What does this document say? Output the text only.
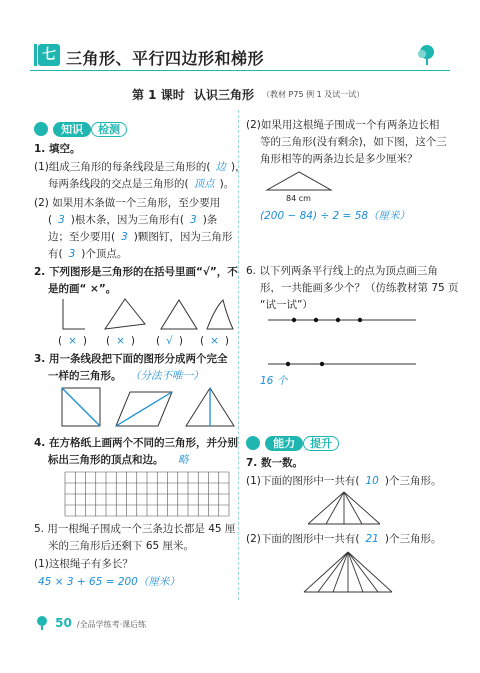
七 三角形、平行四边形和梯形
第 1 课时 认识三角形 （教材 P75 例 1 及试一试）
知识 检测
1. 填空。
(1)组成三角形的每条线段是三角形的( 边 )，
每两条线段的交点是三角形的( 顶点 )。
(2) 如果用木条做一个三角形，至少要用
( 3 )根木条，因为三角形有( 3 )条
边；至少要用( 3 )颗图钉，因为三角形
有( 3 )个顶点。
2. 下列图形是三角形的在括号里画“√”，不
是的画“ ×”。
( × ) ( × ) ( √ ) ( × )
3. 用一条线段把下面的图形分成两个完全
一样的三角形。 （分法不唯一）
4. 在方格纸上画两个不同的三角形，并分别
标出三角形的顶点和边。 略
5. 用一根绳子围成一个三条边长都是 45 厘
米的三角形后还剩下 65 厘米。
(1)这根绳子有多长？
45 × 3 + 65 = 200（厘米）
(2)如果用这根绳子围成一个有两条边长相
等的三角形(没有剩余)，如下图，这个三
角形相等的两条边长是多少厘米？
84 cm
(200 − 84) ÷ 2 = 58（厘米）
6. 以下列两条平行线上的点为顶点画三角
形，一共能画多少个？（仿练教材第 75 页
“试一试”）
16 个
能力 提升
7. 数一数。
(1)下面的图形中一共有( 10 )个三角形。
(2)下面的图形中一共有( 21 )个三角形。
50 /全品学练考·课后练
